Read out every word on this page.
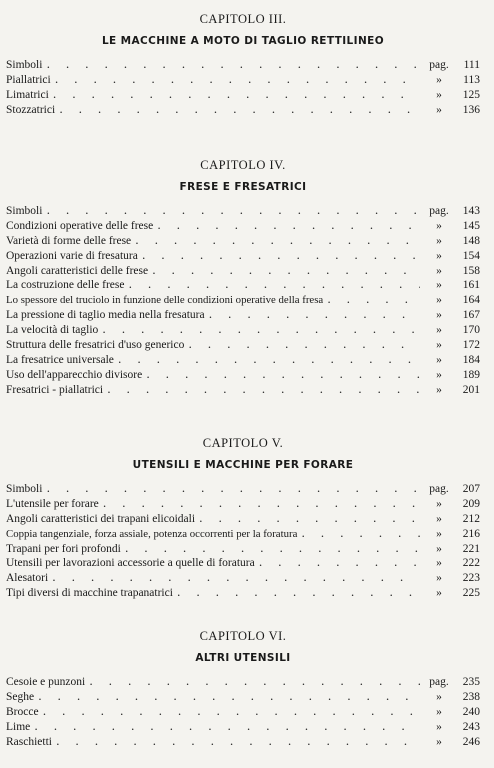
CAPITOLO III.
LE MACCHINE A MOTO DI TAGLIO RETTILINEO
Simboli . . .	pag.	111
Piallatrici . . .	»	113
Limatrici . . .	»	125
Stozzatrici . . .	»	136
CAPITOLO IV.
FRESE E FRESATRICI
Simboli . . .	pag.	143
Condizioni operative delle frese . . .	»	145
Varietà di forme delle frese . . .	»	148
Operazioni varie di fresatura . . .	»	154
Angoli caratteristici delle frese . . .	»	158
La costruzione delle frese . . .	»	161
Lo spessore del truciolo in funzione delle condizioni operative della fresa . . .	»	164
La pressione di taglio media nella fresatura . . .	»	167
La velocità di taglio . . .	»	170
Struttura delle fresatrici d'uso generico . . .	»	172
La fresatrice universale . . .	»	184
Uso dell'apparecchio divisore . . .	»	189
Fresatrici - piallatrici . . .	»	201
CAPITOLO V.
UTENSILI E MACCHINE PER FORARE
Simboli . . .	pag.	207
L'utensile per forare . . .	»	209
Angoli caratteristici dei trapani elicoidali . . .	»	212
Coppia tangenziale, forza assiale, potenza occorrenti per la foratura . . .	»	216
Trapani per fori profondi . . .	»	221
Utensili per lavorazioni accessorie a quelle di foratura . . .	»	222
Alesatori . . .	»	223
Tipi diversi di macchine trapanatrici . . .	»	225
CAPITOLO VI.
ALTRI UTENSILI
Cesoie e punzoni . . .	pag.	235
Seghe . . .	»	238
Brocce . . .	»	240
Lime . . .	»	243
Raschietti . . .	»	246
